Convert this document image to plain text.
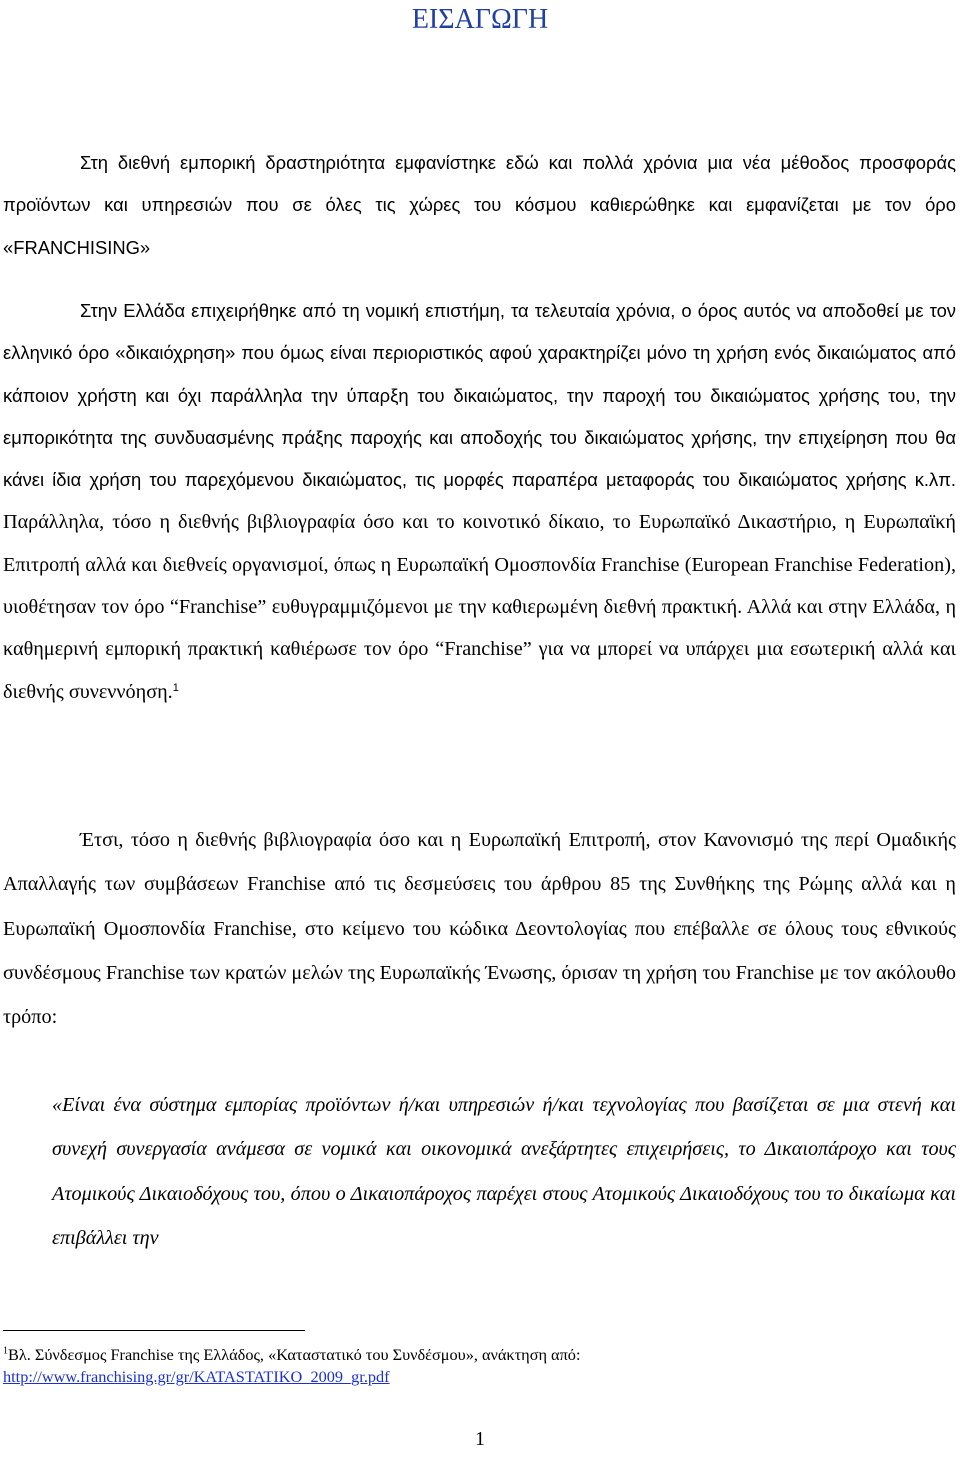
ΕΙΣΑΓΩΓΗ

Στη διεθνή εμπορική δραστηριότητα εμφανίστηκε εδώ και πολλά χρόνια μια νέα μέθοδος προσφοράς προϊόντων και υπηρεσιών που σε όλες τις χώρες του κόσμου καθιερώθηκε και εμφανίζεται με τον όρο «FRANCHISING»

Στην Ελλάδα επιχειρήθηκε από τη νομική επιστήμη, τα τελευταία χρόνια, ο όρος αυτός να αποδοθεί με τον ελληνικό όρο «δικαιόχρηση» που όμως είναι περιοριστικός αφού χαρακτηρίζει μόνο τη χρήση ενός δικαιώματος από κάποιον χρήστη και όχι παράλληλα την ύπαρξη του δικαιώματος, την παροχή του δικαιώματος χρήσης του, την εμπορικότητα της συνδυασμένης πράξης παροχής και αποδοχής του δικαιώματος χρήσης, την επιχείρηση που θα κάνει ίδια χρήση του παρεχόμενου δικαιώματος, τις μορφές παραπέρα μεταφοράς του δικαιώματος χρήσης κ.λπ. Παράλληλα, τόσο η διεθνής βιβλιογραφία όσο και το κοινοτικό δίκαιο, το Ευρωπαϊκό Δικαστήριο, η Ευρωπαϊκή Επιτροπή αλλά και διεθνείς οργανισμοί, όπως η Ευρωπαϊκή Ομοσπονδία Franchise (European Franchise Federation), υιοθέτησαν τον όρο “Franchise” ευθυγραμμιζόμενοι με την καθιερωμένη διεθνή πρακτική. Αλλά και στην Ελλάδα, η καθημερινή εμπορική πρακτική καθιέρωσε τον όρο “Franchise” για να μπορεί να υπάρχει μια εσωτερική αλλά και διεθνής συνεννόηση.$^1$

Έτσι, τόσο η διεθνής βιβλιογραφία όσο και η Ευρωπαϊκή Επιτροπή, στον Κανονισμό της περί Ομαδικής Απαλλαγής των συμβάσεων Franchise από τις δεσμεύσεις του άρθρου 85 της Συνθήκης της Ρώμης αλλά και η Ευρωπαϊκή Ομοσπονδία Franchise, στο κείμενο του κώδικα Δεοντολογίας που επέβαλλε σε όλους τους εθνικούς συνδέσμους Franchise των κρατών μελών της Ευρωπαϊκής Ένωσης, όρισαν τη χρήση του Franchise με τον ακόλουθο τρόπο:

«Είναι ένα σύστημα εμπορίας προϊόντων ή/και υπηρεσιών ή/και τεχνολογίας που βασίζεται σε μια στενή και συνεχή συνεργασία ανάμεσα σε νομικά και οικονομικά ανεξάρτητες επιχειρήσεις, το Δικαιοπάροχο και τους Ατομικούς Δικαιοδόχους του, όπου ο Δικαιοπάροχος παρέχει στους Ατομικούς Δικαιοδόχους του το δικαίωμα και επιβάλλει την

$^1$Βλ. Σύνδεσμος Franchise της Ελλάδος, «Καταστατικό του Συνδέσμου», ανάκτηση από:
http://www.franchising.gr/gr/KATASTATIKO_2009_gr.pdf

1
